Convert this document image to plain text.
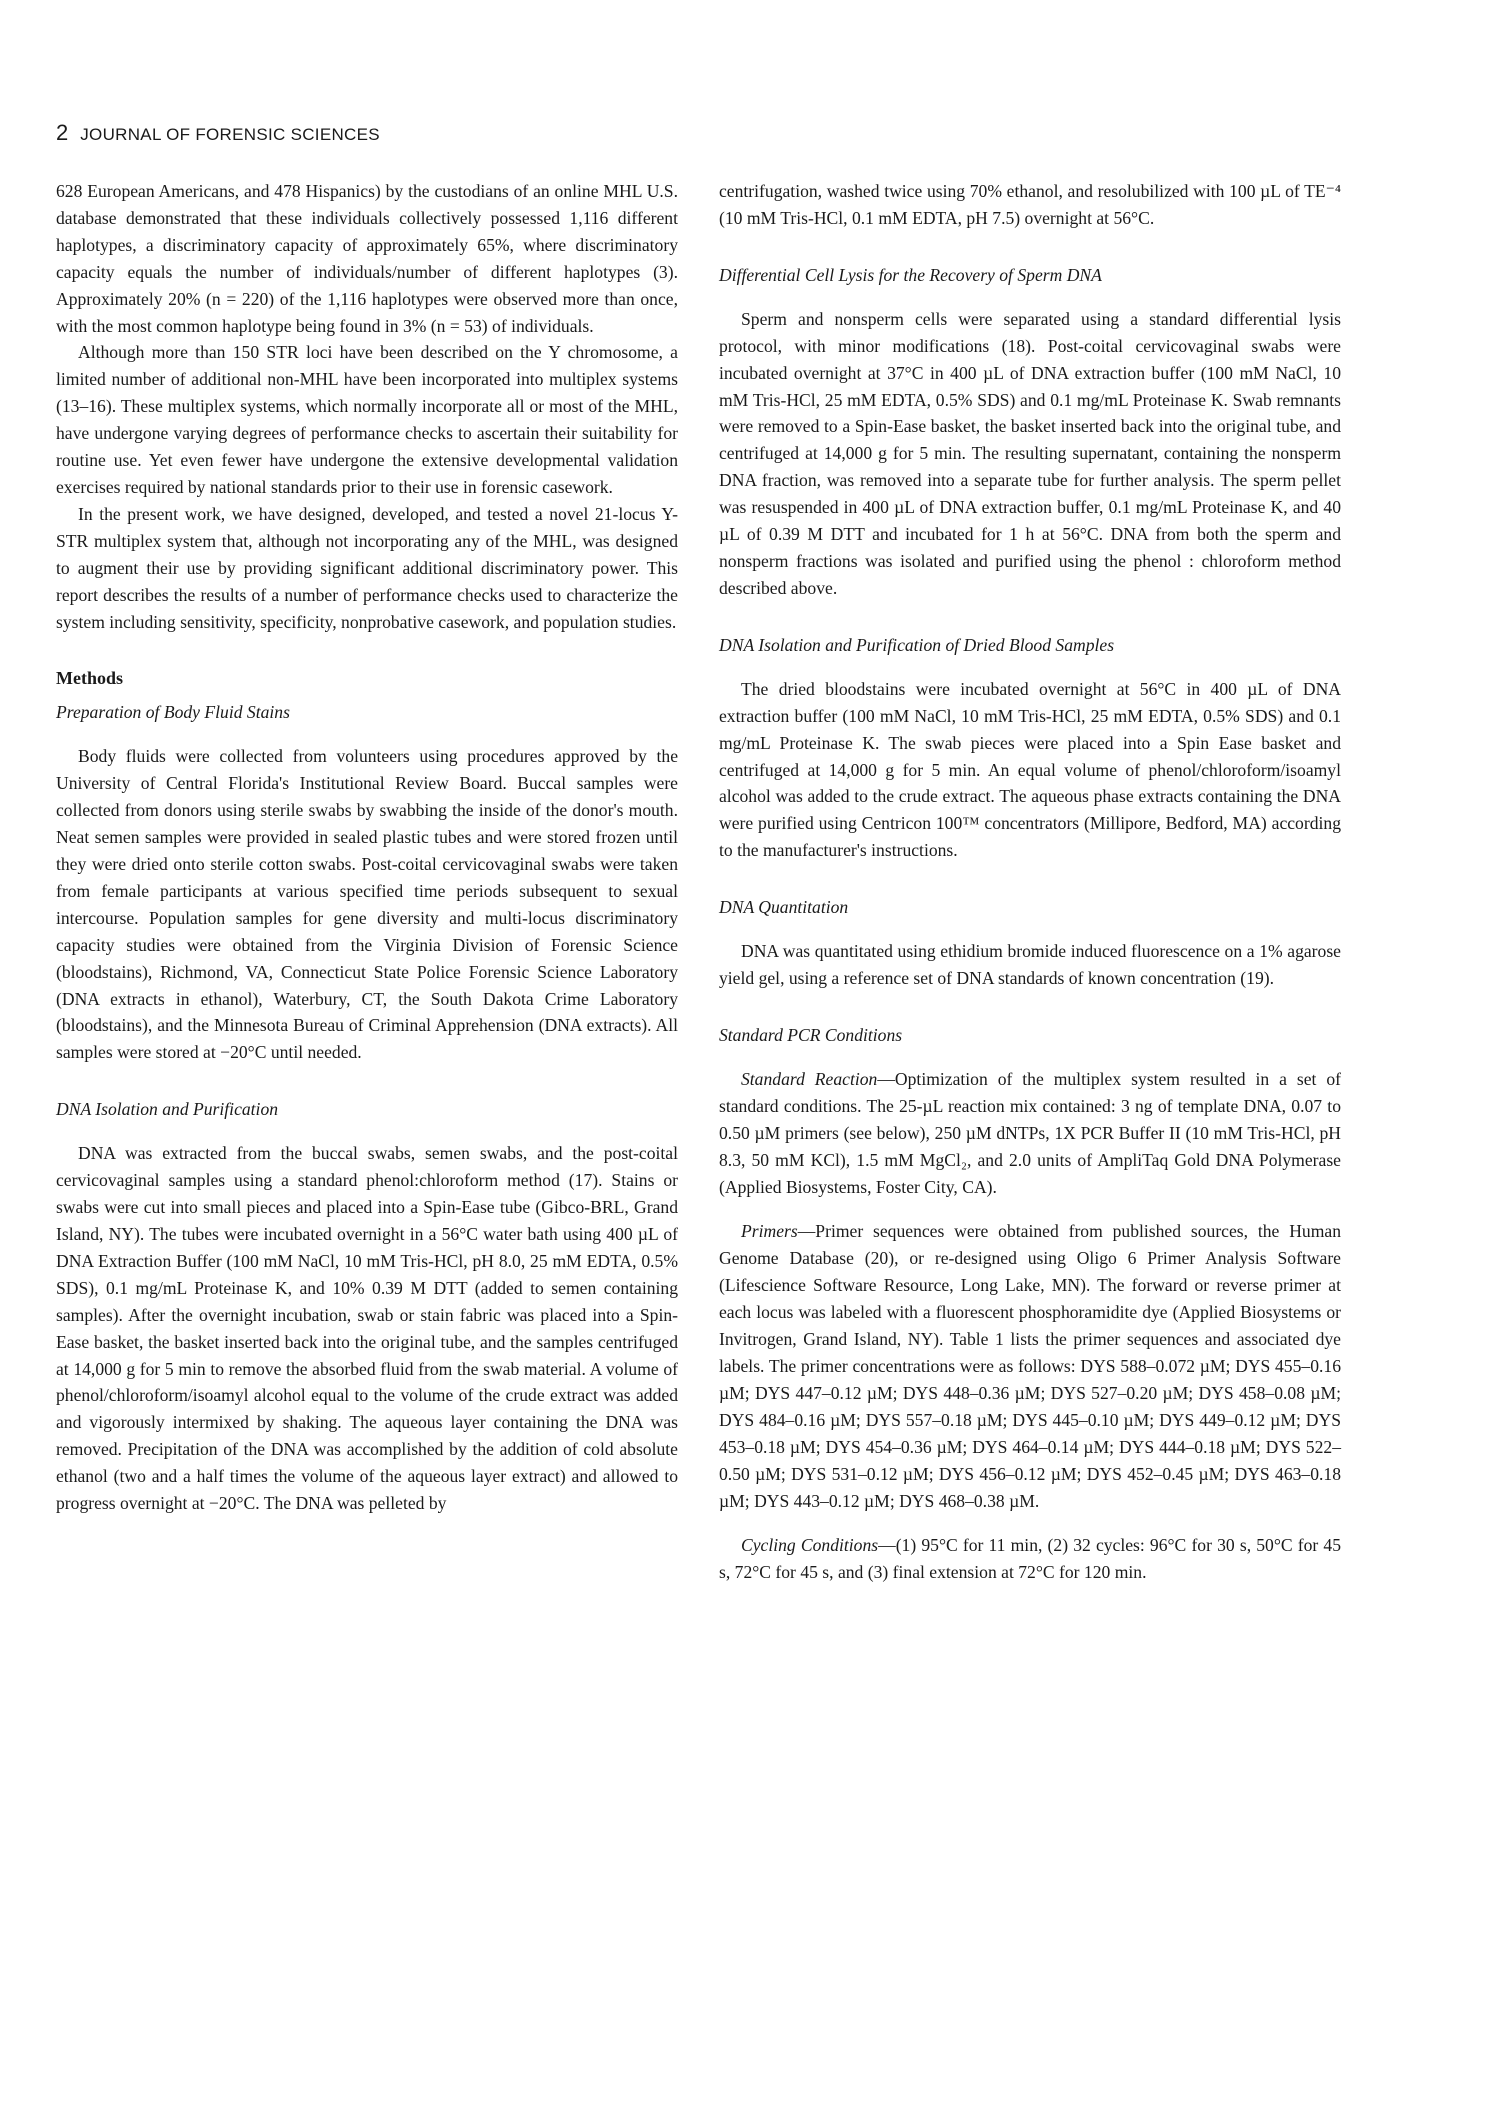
2 JOURNAL OF FORENSIC SCIENCES

628 European Americans, and 478 Hispanics) by the custodians of an online MHL U.S. database demonstrated that these individuals collectively possessed 1,116 different haplotypes, a discriminatory capacity of approximately 65%, where discriminatory capacity equals the number of individuals/number of different haplotypes (3). Approximately 20% (n = 220) of the 1,116 haplotypes were observed more than once, with the most common haplotype being found in 3% (n = 53) of individuals.

Although more than 150 STR loci have been described on the Y chromosome, a limited number of additional non-MHL have been incorporated into multiplex systems (13–16). These multiplex systems, which normally incorporate all or most of the MHL, have undergone varying degrees of performance checks to ascertain their suitability for routine use. Yet even fewer have undergone the extensive developmental validation exercises required by national standards prior to their use in forensic casework.

In the present work, we have designed, developed, and tested a novel 21-locus Y-STR multiplex system that, although not incorporating any of the MHL, was designed to augment their use by providing significant additional discriminatory power. This report describes the results of a number of performance checks used to characterize the system including sensitivity, specificity, nonprobative casework, and population studies.

Methods
Preparation of Body Fluid Stains

Body fluids were collected from volunteers using procedures approved by the University of Central Florida's Institutional Review Board. Buccal samples were collected from donors using sterile swabs by swabbing the inside of the donor's mouth. Neat semen samples were provided in sealed plastic tubes and were stored frozen until they were dried onto sterile cotton swabs. Post-coital cervicovaginal swabs were taken from female participants at various specified time periods subsequent to sexual intercourse. Population samples for gene diversity and multi-locus discriminatory capacity studies were obtained from the Virginia Division of Forensic Science (bloodstains), Richmond, VA, Connecticut State Police Forensic Science Laboratory (DNA extracts in ethanol), Waterbury, CT, the South Dakota Crime Laboratory (bloodstains), and the Minnesota Bureau of Criminal Apprehension (DNA extracts). All samples were stored at −20°C until needed.

DNA Isolation and Purification

DNA was extracted from the buccal swabs, semen swabs, and the post-coital cervicovaginal samples using a standard phenol:chloroform method (17). Stains or swabs were cut into small pieces and placed into a Spin-Ease tube (Gibco-BRL, Grand Island, NY). The tubes were incubated overnight in a 56°C water bath using 400 µL of DNA Extraction Buffer (100 mM NaCl, 10 mM Tris-HCl, pH 8.0, 25 mM EDTA, 0.5% SDS), 0.1 mg/mL Proteinase K, and 10% 0.39 M DTT (added to semen containing samples). After the overnight incubation, swab or stain fabric was placed into a Spin-Ease basket, the basket inserted back into the original tube, and the samples centrifuged at 14,000 g for 5 min to remove the absorbed fluid from the swab material. A volume of phenol/chloroform/isoamyl alcohol equal to the volume of the crude extract was added and vigorously intermixed by shaking. The aqueous layer containing the DNA was removed. Precipitation of the DNA was accomplished by the addition of cold absolute ethanol (two and a half times the volume of the aqueous layer extract) and allowed to progress overnight at −20°C. The DNA was pelleted by

centrifugation, washed twice using 70% ethanol, and resolubilized with 100 µL of TE⁻⁴ (10 mM Tris-HCl, 0.1 mM EDTA, pH 7.5) overnight at 56°C.

Differential Cell Lysis for the Recovery of Sperm DNA

Sperm and nonsperm cells were separated using a standard differential lysis protocol, with minor modifications (18). Post-coital cervicovaginal swabs were incubated overnight at 37°C in 400 µL of DNA extraction buffer (100 mM NaCl, 10 mM Tris-HCl, 25 mM EDTA, 0.5% SDS) and 0.1 mg/mL Proteinase K. Swab remnants were removed to a Spin-Ease basket, the basket inserted back into the original tube, and centrifuged at 14,000 g for 5 min. The resulting supernatant, containing the nonsperm DNA fraction, was removed into a separate tube for further analysis. The sperm pellet was resuspended in 400 µL of DNA extraction buffer, 0.1 mg/mL Proteinase K, and 40 µL of 0.39 M DTT and incubated for 1 h at 56°C. DNA from both the sperm and nonsperm fractions was isolated and purified using the phenol : chloroform method described above.

DNA Isolation and Purification of Dried Blood Samples

The dried bloodstains were incubated overnight at 56°C in 400 µL of DNA extraction buffer (100 mM NaCl, 10 mM Tris-HCl, 25 mM EDTA, 0.5% SDS) and 0.1 mg/mL Proteinase K. The swab pieces were placed into a Spin Ease basket and centrifuged at 14,000 g for 5 min. An equal volume of phenol/chloroform/isoamyl alcohol was added to the crude extract. The aqueous phase extracts containing the DNA were purified using Centricon 100™ concentrators (Millipore, Bedford, MA) according to the manufacturer's instructions.

DNA Quantitation

DNA was quantitated using ethidium bromide induced fluorescence on a 1% agarose yield gel, using a reference set of DNA standards of known concentration (19).

Standard PCR Conditions

Standard Reaction—Optimization of the multiplex system resulted in a set of standard conditions. The 25-µL reaction mix contained: 3 ng of template DNA, 0.07 to 0.50 µM primers (see below), 250 µM dNTPs, 1X PCR Buffer II (10 mM Tris-HCl, pH 8.3, 50 mM KCl), 1.5 mM MgCl₂, and 2.0 units of AmpliTaq Gold DNA Polymerase (Applied Biosystems, Foster City, CA).

Primers—Primer sequences were obtained from published sources, the Human Genome Database (20), or re-designed using Oligo 6 Primer Analysis Software (Lifescience Software Resource, Long Lake, MN). The forward or reverse primer at each locus was labeled with a fluorescent phosphoramidite dye (Applied Biosystems or Invitrogen, Grand Island, NY). Table 1 lists the primer sequences and associated dye labels. The primer concentrations were as follows: DYS 588–0.072 µM; DYS 455–0.16 µM; DYS 447–0.12 µM; DYS 448–0.36 µM; DYS 527–0.20 µM; DYS 458–0.08 µM; DYS 484–0.16 µM; DYS 557–0.18 µM; DYS 445–0.10 µM; DYS 449–0.12 µM; DYS 453–0.18 µM; DYS 454–0.36 µM; DYS 464–0.14 µM; DYS 444–0.18 µM; DYS 522–0.50 µM; DYS 531–0.12 µM; DYS 456–0.12 µM; DYS 452–0.45 µM; DYS 463–0.18 µM; DYS 443–0.12 µM; DYS 468–0.38 µM.

Cycling Conditions—(1) 95°C for 11 min, (2) 32 cycles: 96°C for 30 s, 50°C for 45 s, 72°C for 45 s, and (3) final extension at 72°C for 120 min.
